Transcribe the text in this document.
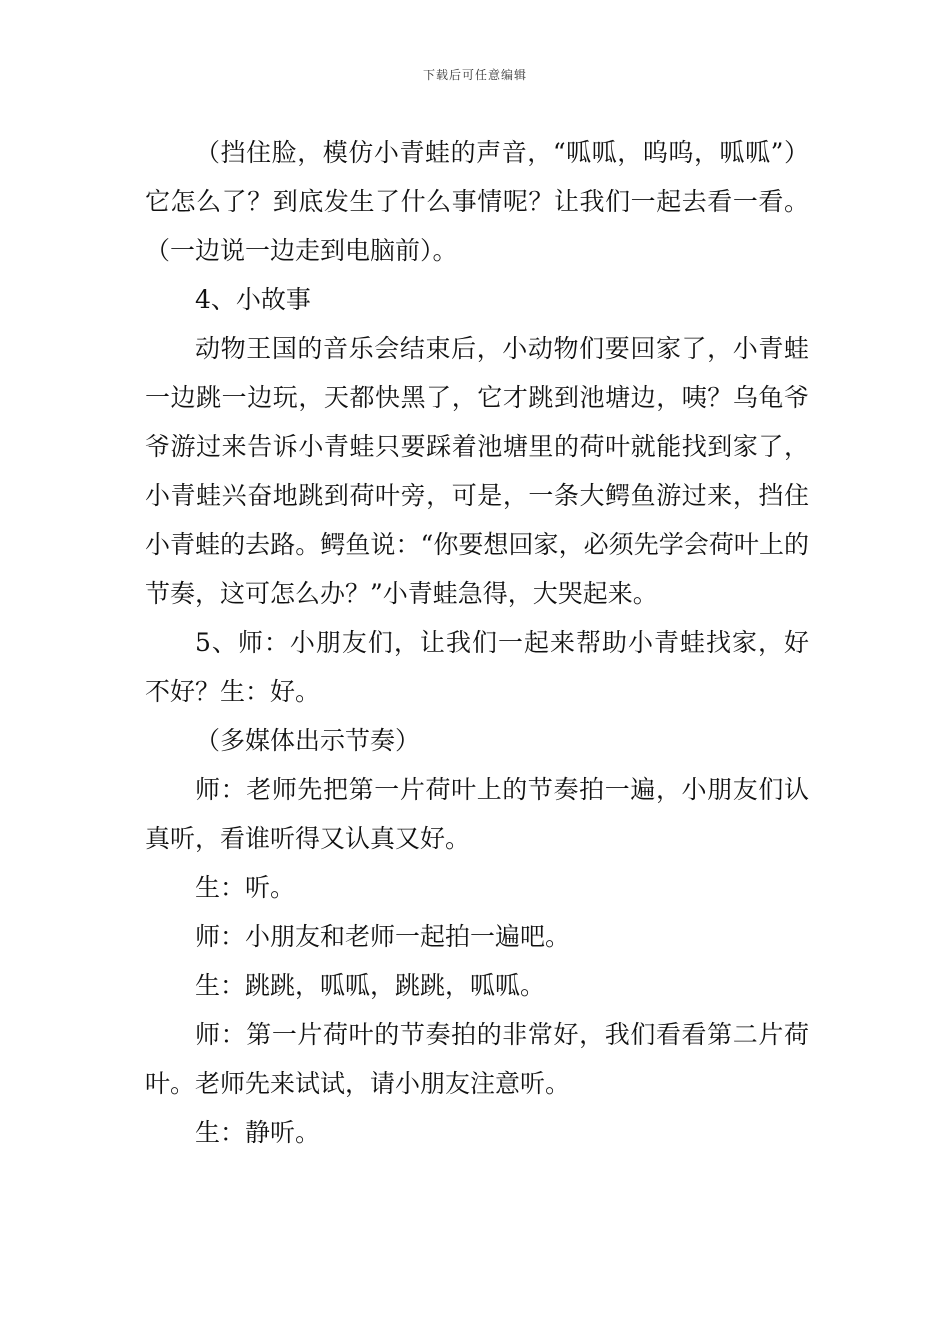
下载后可任意编辑

（挡住脸，模仿小青蛙的声音，“呱呱，呜呜，呱呱”）它怎么了？到底发生了什么事情呢？让我们一起去看一看。（一边说一边走到电脑前）。

4、小故事

动物王国的音乐会结束后，小动物们要回家了，小青蛙一边跳一边玩，天都快黑了，它才跳到池塘边，咦？乌龟爷爷游过来告诉小青蛙只要踩着池塘里的荷叶就能找到家了，小青蛙兴奋地跳到荷叶旁，可是，一条大鳄鱼游过来，挡住小青蛙的去路。鳄鱼说：“你要想回家，必须先学会荷叶上的节奏，这可怎么办？”小青蛙急得，大哭起来。

5、师：小朋友们，让我们一起来帮助小青蛙找家，好不好？生：好。

（多媒体出示节奏）

师：老师先把第一片荷叶上的节奏拍一遍，小朋友们认真听，看谁听得又认真又好。

生：听。

师：小朋友和老师一起拍一遍吧。

生：跳跳，呱呱，跳跳，呱呱。

师：第一片荷叶的节奏拍的非常好，我们看看第二片荷叶。老师先来试试，请小朋友注意听。

生：静听。
